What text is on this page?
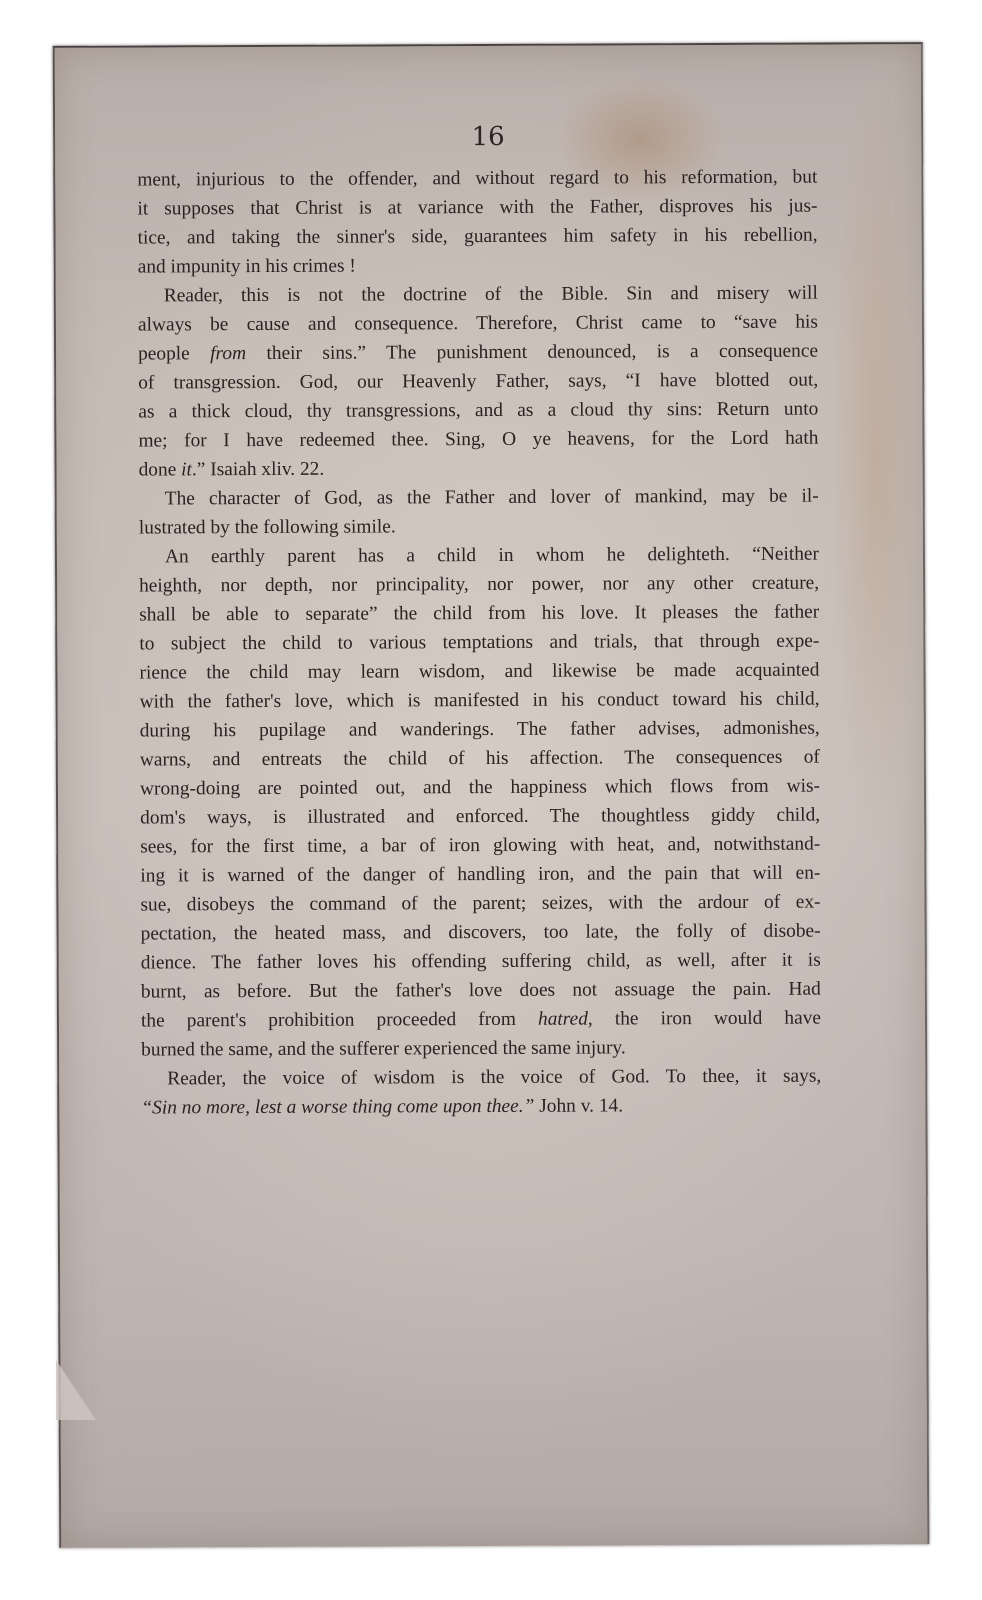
16

ment, injurious to the offender, and without regard to his reformation, but
it supposes that Christ is at variance with the Father, disproves his jus-
tice, and taking the sinner's side, guarantees him safety in his rebellion,
and impunity in his crimes !

Reader, this is not the doctrine of the Bible. Sin and misery will
always be cause and consequence. Therefore, Christ came to “save his
people from their sins.” The punishment denounced, is a consequence
of transgression. God, our Heavenly Father, says, “I have blotted out,
as a thick cloud, thy transgressions, and as a cloud thy sins: Return unto
me; for I have redeemed thee. Sing, O ye heavens, for the Lord hath
done it.” Isaiah xliv. 22.

The character of God, as the Father and lover of mankind, may be il-
lustrated by the following simile.

An earthly parent has a child in whom he delighteth. “Neither
heighth, nor depth, nor principality, nor power, nor any other creature,
shall be able to separate” the child from his love. It pleases the father
to subject the child to various temptations and trials, that through expe-
rience the child may learn wisdom, and likewise be made acquainted
with the father's love, which is manifested in his conduct toward his child,
during his pupilage and wanderings. The father advises, admonishes,
warns, and entreats the child of his affection. The consequences of
wrong-doing are pointed out, and the happiness which flows from wis-
dom's ways, is illustrated and enforced. The thoughtless giddy child,
sees, for the first time, a bar of iron glowing with heat, and, notwithstand-
ing it is warned of the danger of handling iron, and the pain that will en-
sue, disobeys the command of the parent; seizes, with the ardour of ex-
pectation, the heated mass, and discovers, too late, the folly of disobe-
dience. The father loves his offending suffering child, as well, after it is
burnt, as before. But the father's love does not assuage the pain. Had
the parent's prohibition proceeded from hatred, the iron would have
burned the same, and the sufferer experienced the same injury.

Reader, the voice of wisdom is the voice of God. To thee, it says,
“Sin no more, lest a worse thing come upon thee.” John v. 14.
